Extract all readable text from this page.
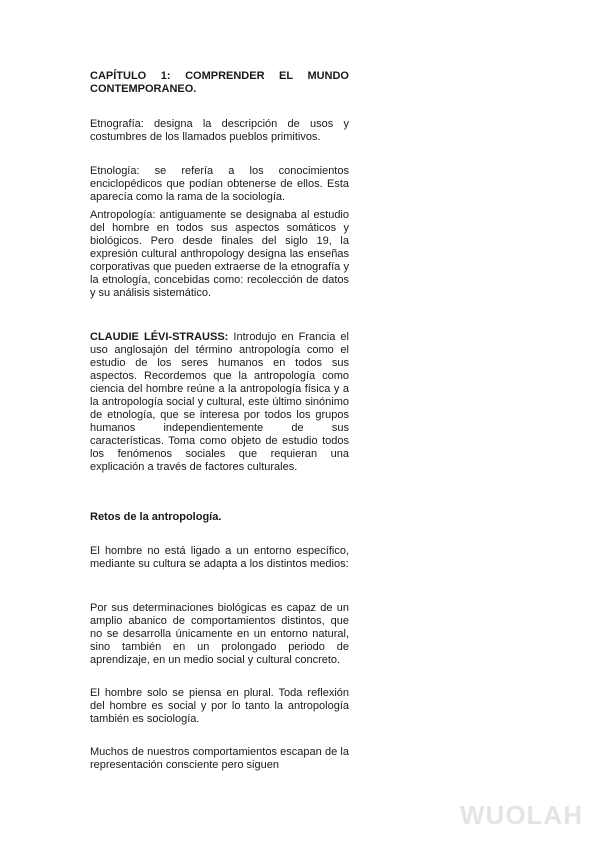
CAPÍTULO 1: COMPRENDER EL MUNDO
CONTEMPORANEO.

Etnografía: designa la descripción de usos y costumbres de los llamados pueblos primitivos.

Etnología: se refería a los conocimientos enciclopédicos que podían obtenerse de ellos. Esta aparecía como la rama de la sociología.

Antropología: antiguamente se designaba al estudio del hombre en todos sus aspectos somáticos y biológicos. Pero desde finales del siglo 19, la expresión cultural anthropology designa las enseñas corporativas que pueden extraerse de la etnografía y la etnología, concebidas como: recolección de datos y su análisis sistemático.

CLAUDIE LÉVI-STRAUSS: Introdujo en Francia el uso anglosajón del término antropología como el estudio de los seres humanos en todos sus aspectos. Recordemos que la antropología como ciencia del hombre reúne a la antropología física y a la antropología social y cultural, este último sinónimo de etnología, que se interesa por todos los grupos humanos independientemente de sus características. Toma como objeto de estudio todos los fenómenos sociales que requieran una explicación a través de factores culturales.

Retos de la antropología.

El hombre no está ligado a un entorno específico, mediante su cultura se adapta a los distintos medios:

Por sus determinaciones biológicas es capaz de un amplio abanico de comportamientos distintos, que no se desarrolla únicamente en un entorno natural, sino también en un prolongado periodo de aprendizaje, en un medio social y cultural concreto.

El hombre solo se piensa en plural. Toda reflexión del hombre es social y por lo tanto la antropología también es sociología.

Muchos de nuestros comportamientos escapan de la representación consciente pero siguen

WUOLAH
